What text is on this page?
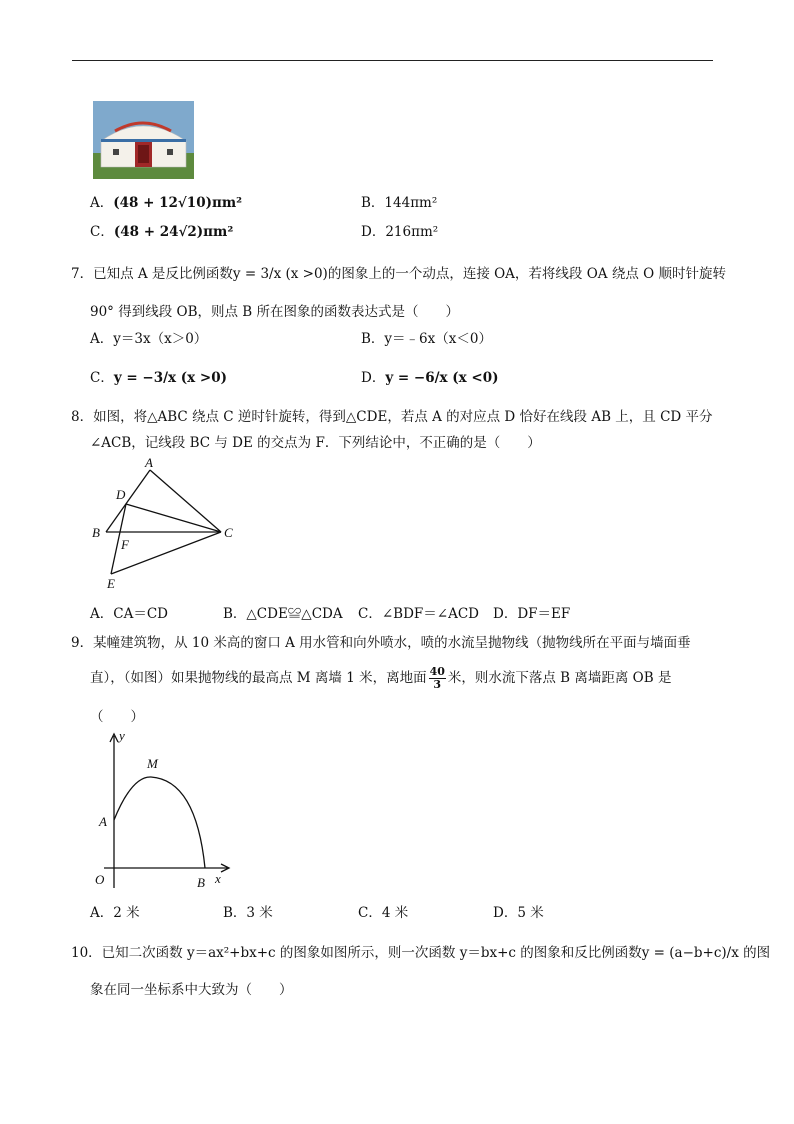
A．(48 + 12√10)πm²	B．144πm²
C．(48 + 24√2)πm²	D．216πm²
7．已知点 A 是反比例函数y = 3/x (x >0)的图象上的一个动点，连接 OA，若将线段 OA 绕点 O 顺时针旋转
90° 得到线段 OB，则点 B 所在图象的函数表达式是（　　）
A．y＝3x（x＞0）	B．y＝﹣6x（x＜0）
C．y = −3/x (x >0)	D．y = −6/x (x <0)
8．如图，将△ABC 绕点 C 逆时针旋转，得到△CDE，若点 A 的对应点 D 恰好在线段 AB 上，且 CD 平分
∠ACB，记线段 BC 与 DE 的交点为 F．下列结论中，不正确的是（　　）
A
D
B
F
C
E
A．CA＝CD	B．△CDE≌△CDA C．∠BDF＝∠ACD D．DF＝EF
9．某幢建筑物，从 10 米高的窗口 A 用水管和向外喷水，喷的水流呈抛物线（抛物线所在平面与墙面垂
直），（如图）如果抛物线的最高点 M 离墙 1 米，离地面 $\frac{40}{3}$ 米，则水流下落点 B 离墙距离 OB 是
（　　）
y
M
A
O	B x
A．2 米	B．3 米	C．4 米	D．5 米
10．已知二次函数 y＝ax²+bx+c 的图象如图所示，则一次函数 y＝bx+c 的图象和反比例函数y = (a−b+c)/x 的图
象在同一坐标系中大致为（　　）
